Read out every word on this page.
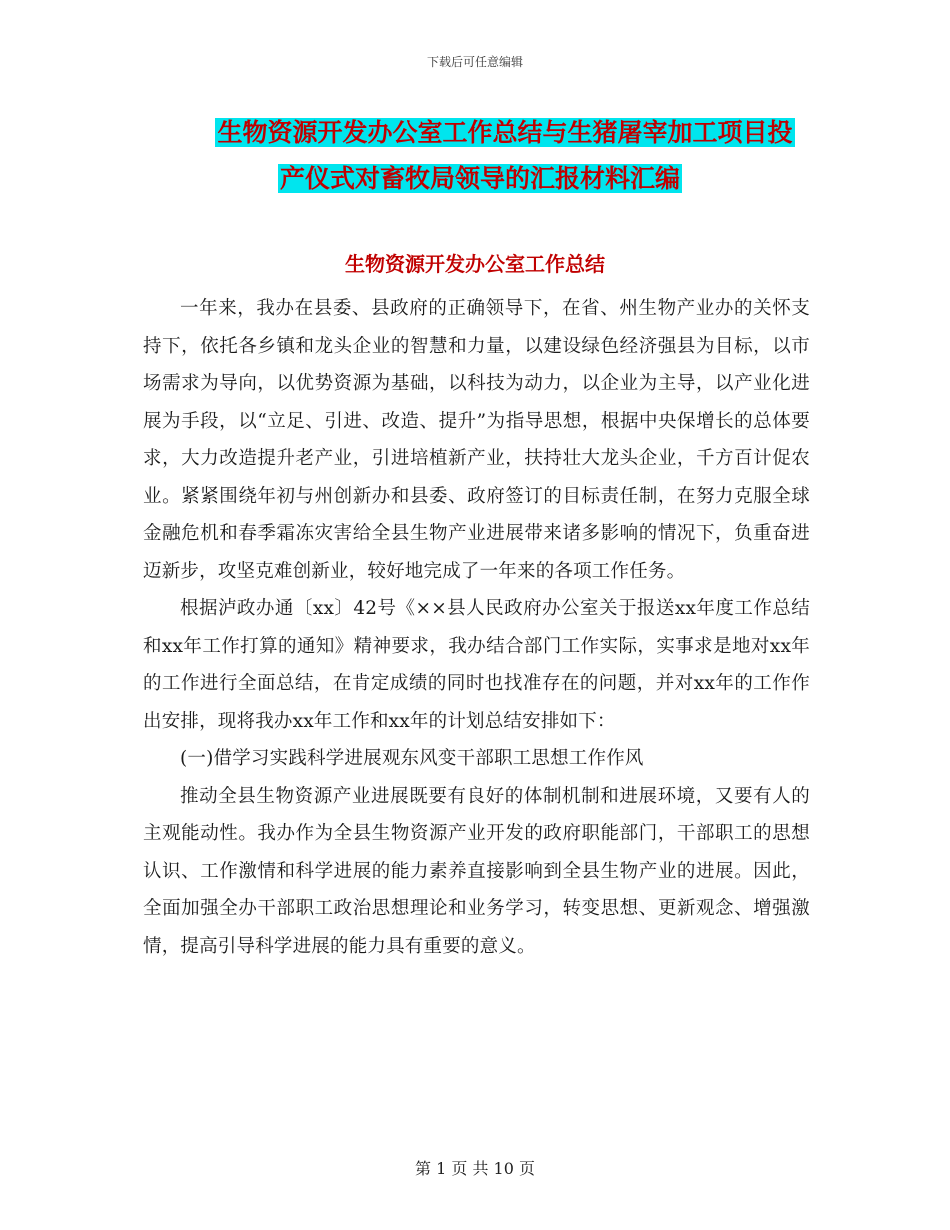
下载后可任意编辑
生物资源开发办公室工作总结与生猪屠宰加工项目投
产仪式对畜牧局领导的汇报材料汇编
生物资源开发办公室工作总结

一年来，我办在县委、县政府的正确领导下，在省、州生物产业办的关怀支持下，依托各乡镇和龙头企业的智慧和力量，以建设绿色经济强县为目标，以市场需求为导向，以优势资源为基础，以科技为动力，以企业为主导，以产业化进展为手段，以“立足、引进、改造、提升”为指导思想，根据中央保增长的总体要求，大力改造提升老产业，引进培植新产业，扶持壮大龙头企业，千方百计促农业。紧紧围绕年初与州创新办和县委、政府签订的目标责任制，在努力克服全球金融危机和春季霜冻灾害给全县生物产业进展带来诸多影响的情况下，负重奋进迈新步，攻坚克难创新业，较好地完成了一年来的各项工作任务。

根据泸政办通〔xx〕42号《××县人民政府办公室关于报送xx年度工作总结和xx年工作打算的通知》精神要求，我办结合部门工作实际，实事求是地对xx年的工作进行全面总结，在肯定成绩的同时也找准存在的问题，并对xx年的工作作出安排，现将我办xx年工作和xx年的计划总结安排如下：

(一)借学习实践科学进展观东风变干部职工思想工作作风

推动全县生物资源产业进展既要有良好的体制机制和进展环境，又要有人的主观能动性。我办作为全县生物资源产业开发的政府职能部门，干部职工的思想认识、工作激情和科学进展的能力素养直接影响到全县生物产业的进展。因此，全面加强全办干部职工政治思想理论和业务学习，转变思想、更新观念、增强激情，提高引导科学进展的能力具有重要的意义。

第 1 页 共 10 页
